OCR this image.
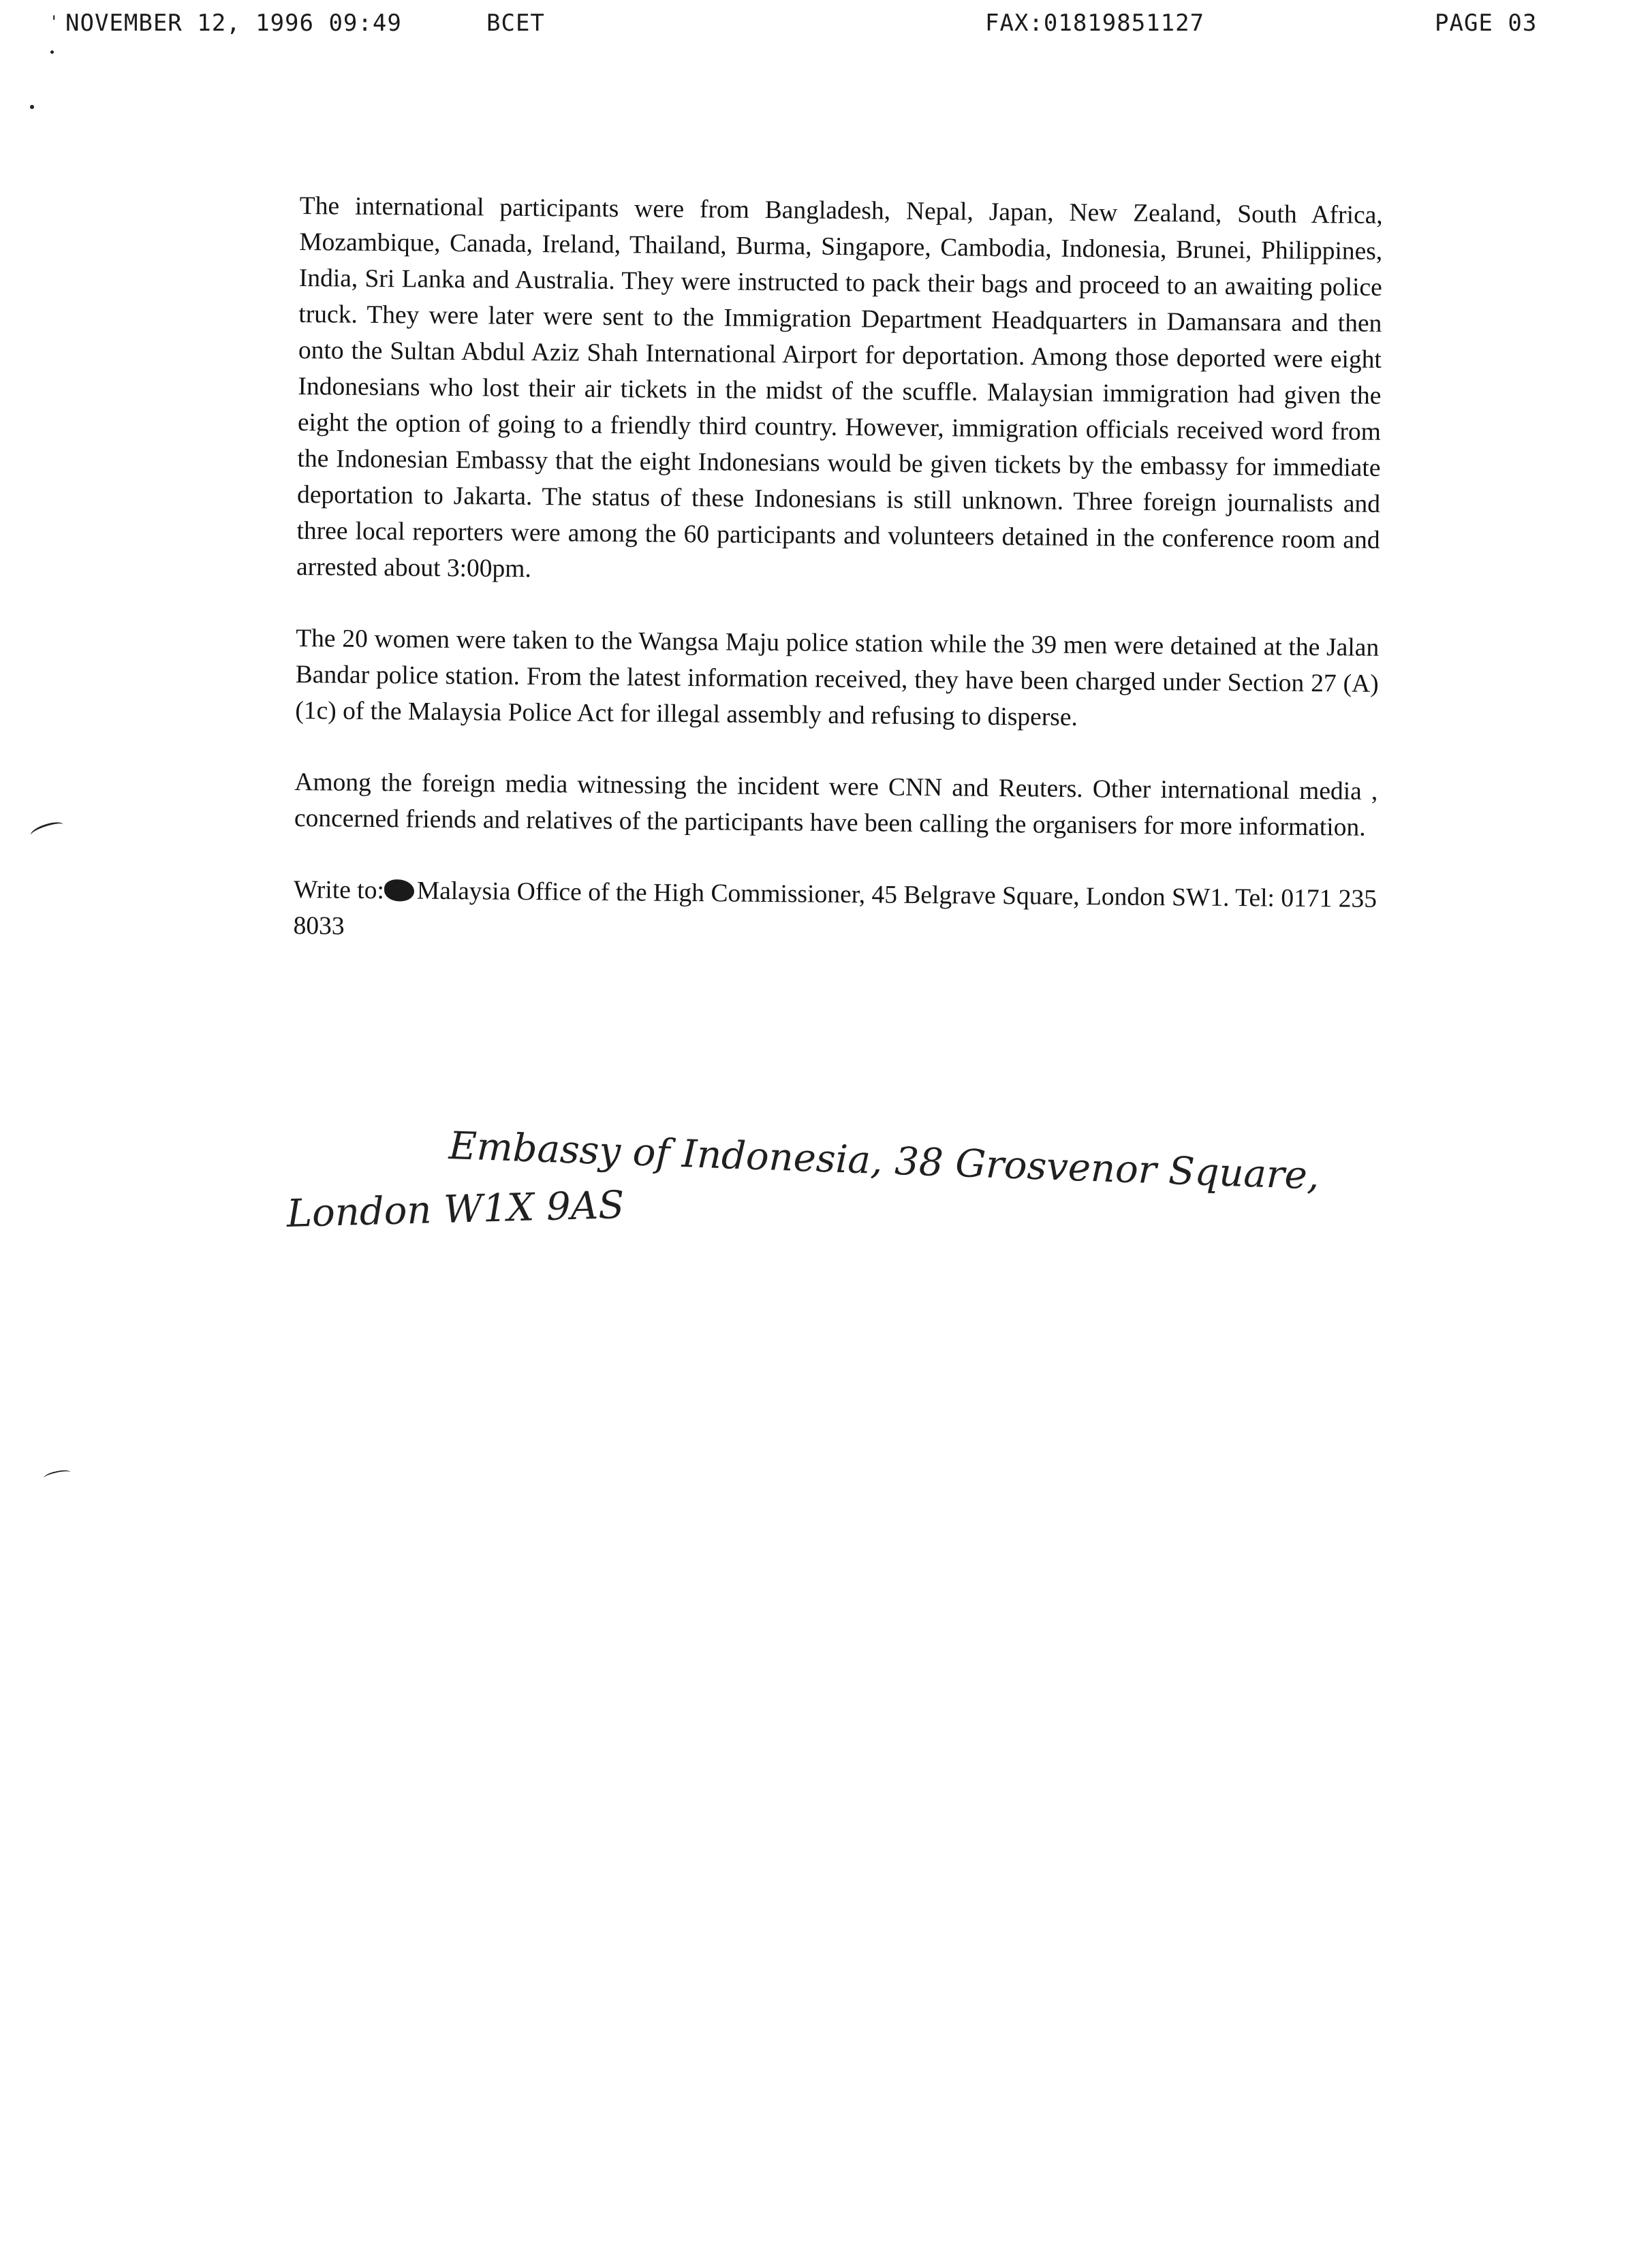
' NOVEMBER 12, 1996 09:49	BCET	FAX:01819851127	PAGE 03

The international participants were from Bangladesh, Nepal, Japan, New Zealand, South Africa, Mozambique, Canada, Ireland, Thailand, Burma, Singapore, Cambodia, Indonesia, Brunei, Philippines, India, Sri Lanka and Australia. They were instructed to pack their bags and proceed to an awaiting police truck. They were later were sent to the Immigration Department Headquarters in Damansara and then onto the Sultan Abdul Aziz Shah International Airport for deportation. Among those deported were eight Indonesians who lost their air tickets in the midst of the scuffle. Malaysian immigration had given the eight the option of going to a friendly third country. However, immigration officials received word from the Indonesian Embassy that the eight Indonesians would be given tickets by the embassy for immediate deportation to Jakarta. The status of these Indonesians is still unknown. Three foreign journalists and three local reporters were among the 60 participants and volunteers detained in the conference room and arrested about 3:00pm.

The 20 women were taken to the Wangsa Maju police station while the 39 men were detained at the Jalan Bandar police station. From the latest information received, they have been charged under Section 27 (A) (1c) of the Malaysia Police Act for illegal assembly and refusing to disperse.

Among the foreign media witnessing the incident were CNN and Reuters. Other international media , concerned friends and relatives of the participants have been calling the organisers for more information.

Write to: Malaysia Office of the High Commissioner, 45 Belgrave Square, London SW1. Tel: 0171 235 8033

Embassy of Indonesia, 38 Grosvenor Square,
London W1X 9AS
